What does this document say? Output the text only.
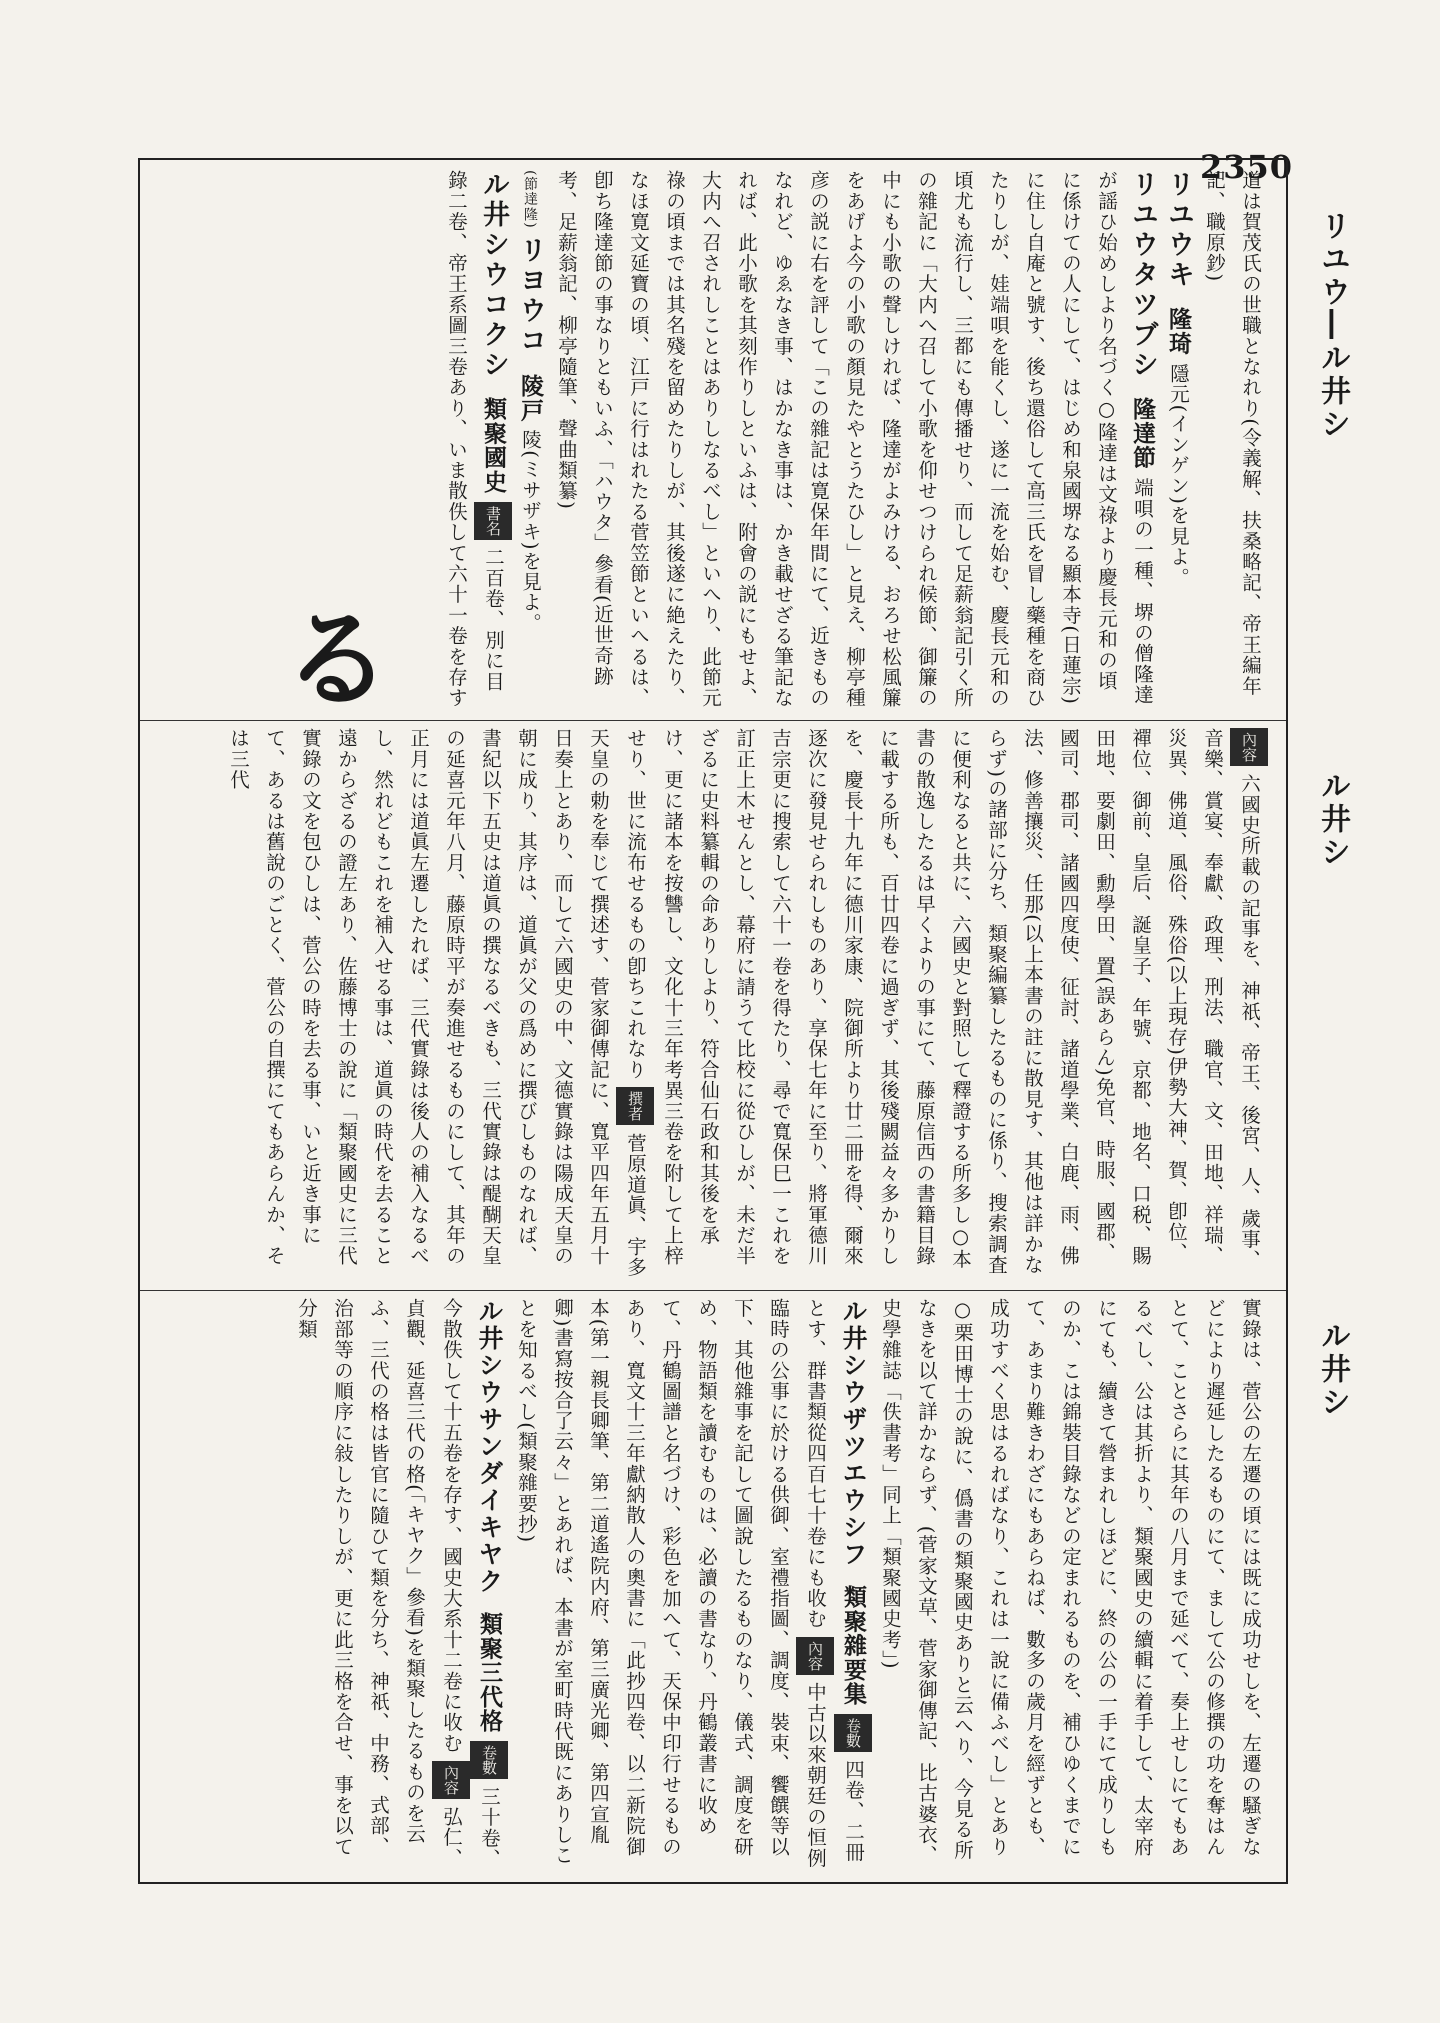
2350
リユウ―ル井シ
ル井シ
ル井シ
る	道は賀茂氏の世職となれり(令義解、扶桑略記、帝王編年記、職原鈔)

リユウキ 隆琦 隱元(インゲン)を見よ。

リユウタツブシ 隆達節 端唄の一種、堺の僧隆達が謡ひ始めしより名づく○隆達は文祿より慶長元和の頃に係けての人にして、はじめ和泉國堺なる顯本寺(日蓮宗)に住し自庵と號す、後ち還俗して高三氏を冒し藥種を商ひたりしが、娃端唄を能くし、遂に一流を始む、慶長元和の頃尤も流行し、三都にも傳播せり、而して足薪翁記引く所の雜記に「大内へ召して小歌を仰せつけられ候節、御簾の中にも小歌の聲しければ、隆達がよみける、おろせ松風簾をあげよ今の小歌の顏見たやとうたひし」と見え、柳亭種彦の説に右を評して「この雜記は寛保年間にて、近きものなれど、ゆゑなき事、はかなき事は、かき載せざる筆記なれば、此小歌を其刻作りしといふは、附會の説にもせよ、大内へ召されしことはありしなるべし」といへり、此節元祿の頃までは其名殘を留めたりしが、其後遂に絶えたり、なほ寛文延寶の頃、江戸に行はれたる菅笠節といへるは、卽ち隆達節の事なりともいふ、「ハウタ」參看(近世奇跡考、足薪翁記、柳亭隨筆、聲曲類纂)

(節達隆) リヨウコ 陵戸 陵(ミサザキ)を見よ。

ル井シウコクシ 類聚國史 書名 二百卷、別に目錄二卷、帝王系圖三卷あり、いま散佚して六十一卷を存す

內容 六國史所載の記事を、神祇、帝王、後宮、人、歲事、音樂、賞宴、奉獻、政理、刑法、職官、文、田地、祥瑞、災異、佛道、風俗、殊俗(以上現存)伊勢大神、賀、卽位、禪位、御前、皇后、誕皇子、年號、京都、地名、口税、賜田地、要劇田、勳學田、置(誤あらん)免官、時服、國郡、國司、郡司、諸國四度使、征討、諸道學業、白鹿、雨、佛法、修善攘災、任那(以上本書の註に散見す、其他は詳かならず)の諸部に分ち、類聚編纂したるものに係り、搜索調査に便利なると共に、六國史と對照して釋證する所多し○本書の散逸したるは早くよりの事にて、藤原信西の書籍目錄に載する所も、百廿四卷に過ぎず、其後殘闕益々多かりしを、慶長十九年に德川家康、院御所より廿二冊を得、爾來逐次に發見せられしものあり、享保七年に至り、將軍德川吉宗更に搜索して六十一卷を得たり、尋で寬保巳一これを訂正上木せんとし、幕府に請うて比校に從ひしが、未だ半ざるに史料纂輯の命ありしより、符合仙石政和其後を承け、更に諸本を按讐し、文化十三年考異三卷を附して上梓せり、世に流布せるもの卽ちこれなり 撰者 菅原道眞、宇多天皇の勅を奉じて撰述す、菅家御傳記に、寬平四年五月十日奏上とあり、而して六國史の中、文德實錄は陽成天皇の朝に成り、其序は、道眞が父の爲めに撰びしものなれば、書紀以下五史は道眞の撰なるべきも、三代實錄は醍醐天皇の延喜元年八月、藤原時平が奏進せるものにして、其年の正月には道眞左遷したれば、三代實錄は後人の補入なるべし、然れどもこれを補入せる事は、道眞の時代を去ること遠からざるの證左あり、佐藤博士の說に「類聚國史に三代實錄の文を包ひしは、菅公の時を去る事、いと近き事にて、あるは舊說のごとく、菅公の自撰にてもあらんか、そは三代

實錄は、菅公の左遷の頃には既に成功せしを、左遷の騷ぎなどにより遲延したるものにて、まして公の修撰の功を奪はんとて、ことさらに其年の八月まで延べて、奏上せしにてもあるべし、公は其折より、類聚國史の續輯に着手して、太宰府にても、續きて營まれしほどに、終の公の一手にて成りしものか、こは錦裝目錄などの定まれるものを、補ひゆくまでにて、あまり難きわざにもあらねば、數多の歲月を經ずとも、成功すべく思はるればなり、これは一說に備ふべし」とあり○栗田博士の說に、僞書の類聚國史ありと云へり、今見る所なきを以て詳かならず、(菅家文草、菅家御傳記、比古婆衣、史學雜誌「佚書考」同上「類聚國史考」)

ル井シウザツエウシフ 類聚雜要集 卷數 四卷、二冊とす、群書類從四百七十卷にも收む 內容 中古以來朝廷の恒例臨時の公事に於ける供御、室禮指圖、調度、裝束、饗饌等以下、其他雜事を記して圖說したるものなり、儀式、調度を研め、物語類を讀むものは、必讀の書なり、丹鶴叢書に收めて、丹鶴圖譜と名づけ、彩色を加へて、天保中印行せるものあり、寬文十三年獻納散人の奧書に「此抄四卷、以二新院御本(第一親長卿筆、第二道遙院内府、第三廣光卿、第四宣胤卿)書寫按合了云々」とあれば、本書が室町時代既にありしことを知るべし(類聚雜要抄)

ル井シウサンダイキヤク 類聚三代格 卷數 三十卷、今散佚して十五卷を存す、國史大系十二卷に收む 內容 弘仁、貞觀、延喜三代の格(「キヤク」參看)を類聚したるものを云ふ、三代の格は皆官に隨ひて類を分ち、神祇、中務、式部、治部等の順序に敍したりしが、更に此三格を合せ、事を以て分類
